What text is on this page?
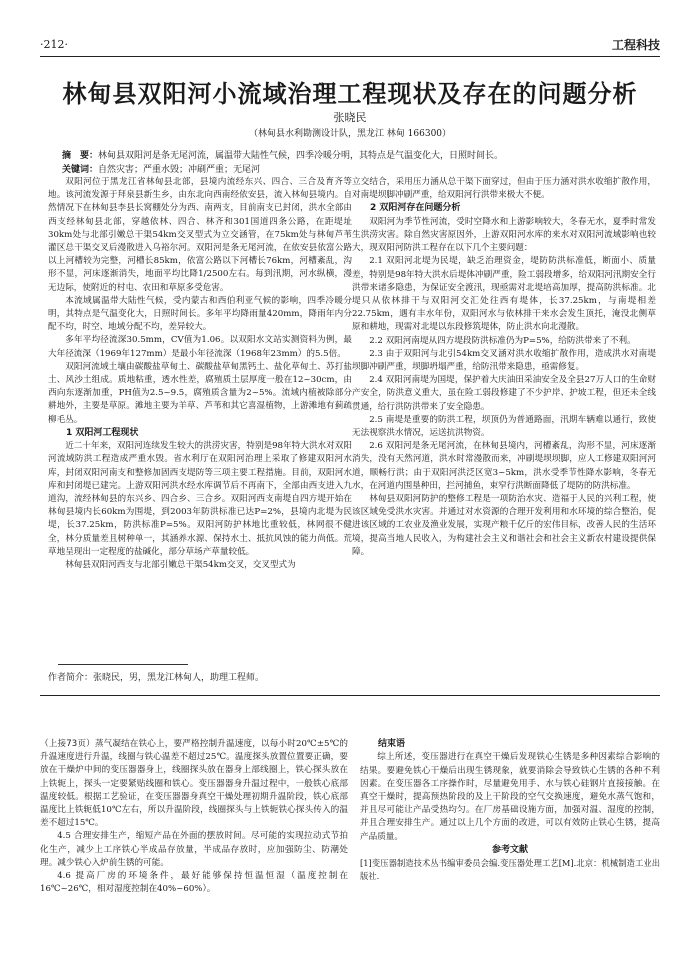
·212·	工程科技
林甸县双阳河小流域治理工程现状及存在的问题分析
张晓民
（林甸县水利勘测设计队，黑龙江 林甸 166300）
摘　要：林甸县双阳河是条无尾河流，属温带大陆性气候，四季冷暖分明，其特点是气温变化大，日照时间长。
关键词：自然灾害；严重水毁；冲刷严重；无尾河

双阳河位于黑龙江省林甸县北部，县境内流经东兴、四合、三合及育齐等地。该河流发源于拜泉县新生乡，由东北向西南经依安县，流入林甸县境内。自然情况下在林甸县李县长窝棚处分为西、南两支，目前南支已封闭，洪水全部由西支经林甸县北部，穿越依林、四合、林齐和301国道四条公路，在距堤址30km处与北部引嫩总干渠54km交叉型式为立交涵管，在75km处与林甸芦苇灌区总干渠交叉后漫散进入乌裕尔河。双阳河是条无尾河流，在依安县依富公路以上河槽较为完整，河槽长85km，依富公路以下河槽长76km，河槽紊乱，沟形不显，河床逐渐消失，地面平均比降1/2500左右。每到汛期，河水纵横，漫无边际，使附近的村屯、农田和草原多受危害。

本流域属温带大陆性气候，受内蒙古和西伯利亚气候的影响，四季冷暖分明，其特点是气温变化大，日照时间长。多年平均降雨量420mm，降雨年内分配不均，时空、地域分配不均，差异较大。

多年平均径流深30.5mm，CV值为1.06。以双阳水文站实测资料为例，最大年径流深（1969年127mm）是最小年径流深（1968年23mm）的5.5倍。

双阳河流域土壤由碳酸盐草甸土、碳酸盐草甸黑钙土、盐化草甸土、苏打盐土、风沙土组成。质地粘重，透水性差，腐殖质土层厚度一般在12~30cm，由西向东逐渐加重，PH值为2.5~9.5，腐殖质含量为2~5%。流域内植被除部分耕地外，主要是草原。滩地主要为羊草、芦苇和其它喜湿植物，上游滩地有蓟疏柳毛丛。

1 双阳河工程现状

近二十年来，双阳河连续发生较大的洪涝灾害，特别是98年特大洪水对双阳河流域防洪工程造成严重水毁。省水利厅在双阳河治理上采取了修建双阳河水库，封闭双阳河南支和整修加固西支堤防等三项主要工程措施。目前，双阳河水库和封闭堤已建完。上游双阳河洪水经水库调节后不再南下，全部由西支进入九道沟，流经林甸县的东兴乡、四合乡、三合乡。双阳河西支南堤自四方堤开始在林甸县境内长60km为围堤，到2003年防洪标准已达P=2%，县境内北堤为民堤，长37.25km，防洪标准P=5%。双阳河防护林地比重较低，林网很不健全，林分质量差且树种单一，其涵养水源、保持水土、抵抗风蚀的能力尚低。荒草地呈现出一定程度的盐碱化，部分草场产草量较低。

林甸县双阳河西支与北部引嫩总干渠54km交叉，交叉型式为

立交结合，采用压力涵从总干渠下面穿过，但由于压力涵对洪水收缩扩散作用，对南堤坝脚冲刷严重，给双阳河行洪带来极大不便。

2 双阳河存在问题分析

双阳河为季节性河流，受时空降水和上游影响较大，冬春无水，夏季时常发生洪涝灾害。除自然灾害原因外，上游双阳河水库的来水对双阳河流域影响也较大，现双阳河防洪工程存在以下几个主要问题：

2.1 双阳河北堤为民堤，缺乏治理资金，堤防防洪标准低，断面小、质量差，特别是98年特大洪水后堤体冲刷严重，险工弱段增多，给双阳河汛期安全行洪带来诸多隐患，为保证安全渡汛，现亟需对北堤培高加厚，提高防洪标准。北堤只从依林排干与双阳河交汇处往西有堤体，长37.25km，与南堤相差22.75km，遇有丰水年份，双阳河水与依林排干来水会发生顶托，淹没北侧草原和耕地，现需对北堤以东段修筑堤体，防止洪水向北漫散。

2.2 双阳河南堤从四方堤段防洪标准仍为P=5%，给防洪带来了不利。

2.3 由于双阳河与北引54km交叉涵对洪水收缩扩散作用，造成洪水对南堤坝脚冲刷严重，坝脚坍塌严重，给防汛带来隐患，亟需修复。

2.4 双阳河南堤为国堤，保护着大庆油田采油安全及全县27万人口的生命财产安全，防洪意义重大，虽在险工弱段修建了不少护岸、护坡工程，但还未全线贯通，给行洪防洪带来了安全隐患。

2.5 南堤是重要的防洪工程，坝顶仍为普通路面，汛期车辆难以通行，致使无法视察洪水情况，运送抗洪物资。

2.6 双阳河是条无尾河流，在林甸县境内，河槽紊乱，沟形不显，河床逐渐消失，没有天然河道，洪水时常漫散而来，冲刷堤坝坝脚，应人工修建双阳河河道，顺畅行洪；由于双阳河洪泛区宽3~5km，洪水受季节性降水影响，冬春无水，在河道内围垦种田，拦河捕鱼，束窄行洪断面降低了堤防的防洪标准。

林甸县双阳河防护的整修工程是一项防治水灾、造福于人民的兴利工程，使该区域免受洪水灾害。并通过对水资源的合理开发利用和水环境的综合整治，促进该区域的工农业及渔业发展，实现产粮千亿斤的宏伟目标，改善人民的生活环境，提高当地人民收入，为构建社会主义和谐社会和社会主义新农村建设提供保障。

作者简介：张晓民，男，黑龙江林甸人，助理工程师。

（上接73页）蒸气凝结在铁心上，要严格控制升温速度，以每小时20℃±5℃的升温速度进行升温，线圈与铁心温差不超过25℃。温度探头放置位置要正确，要放在干燥炉中间的变压器器身上，线圈探头放在器身上部线圈上，铁心探头放在上铁轭上，探头一定要紧贴线圈和铁心。变压器器身升温过程中，一般铁心底部温度较低。根据工艺验证，在变压器器身真空干燥处理初期升温阶段，铁心底部温度比上铁轭低10℃左右，所以升温阶段，线圈探头与上铁轭铁心探头传入的温差不超过15℃。

4.5 合理安排生产，缩短产品在外面的摆放时间。尽可能的实现拉动式节拍化生产，减少上工序铁心半成品存放量，半成品存放时，应加强防尘、防潮处理。减少铁心入炉前生锈的可能。

4.6 提高厂房的环境条件，最好能够保持恒温恒湿（温度控制在16℃~26℃，相对湿度控制在40%~60%）。

结束语

综上所述，变压器进行在真空干燥后发现铁心生锈是多种因素综合影响的结果。要避免铁心干燥后出现生锈现象，就要消除会导致铁心生锈的各种不利因素。在变压器各工序操作时，尽量避免用手、水与铁心硅钢片直接接触。在真空干燥时，提高预热阶段的及上干阶段的空气交换速度，避免水蒸气饱和，并且尽可能让产品受热均匀。在厂房基础设施方面，加强对温、湿度的控制，并且合理安排生产。通过以上几个方面的改进，可以有效防止铁心生锈，提高产品质量。

参考文献

[1]变压器制造技术丛书编审委员会编.变压器处理工艺[M].北京：机械制造工业出版社.
